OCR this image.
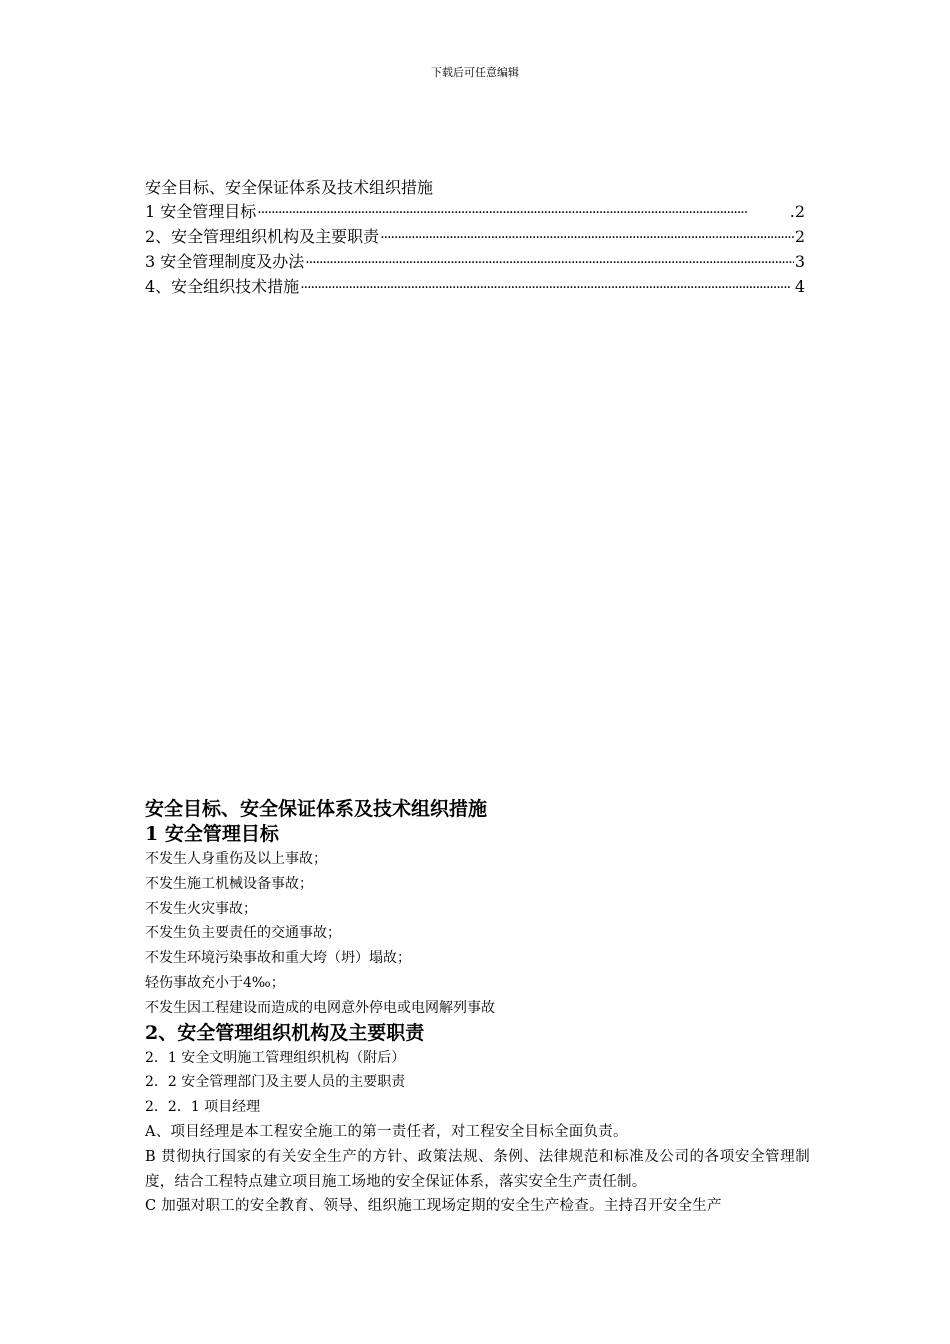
下载后可任意编辑
安全目标、安全保证体系及技术组织措施
1 安全管理目标 ·····	.2
2、安全管理组织机构及主要职责 ·····	2
3 安全管理制度及办法 ·····	3
4、安全组织技术措施 ·····	4
安全目标、安全保证体系及技术组织措施
1 安全管理目标
不发生人身重伤及以上事故；
不发生施工机械设备事故；
不发生火灾事故；
不发生负主要责任的交通事故；
不发生环境污染事故和重大垮（坍）塌故；
轻伤事故充小于4‰；
不发生因工程建设而造成的电网意外停电或电网解列事故
2、安全管理组织机构及主要职责
2．1 安全文明施工管理组织机构（附后）
2．2 安全管理部门及主要人员的主要职责
2．2．1 项目经理
A、项目经理是本工程安全施工的第一责任者，对工程安全目标全面负责。
B 贯彻执行国家的有关安全生产的方针、政策法规、条例、法律规范和标准及公司的各项安全管理制度，结合工程特点建立项目施工场地的安全保证体系，落实安全生产责任制。
C 加强对职工的安全教育、领导、组织施工现场定期的安全生产检查。主持召开安全生产
